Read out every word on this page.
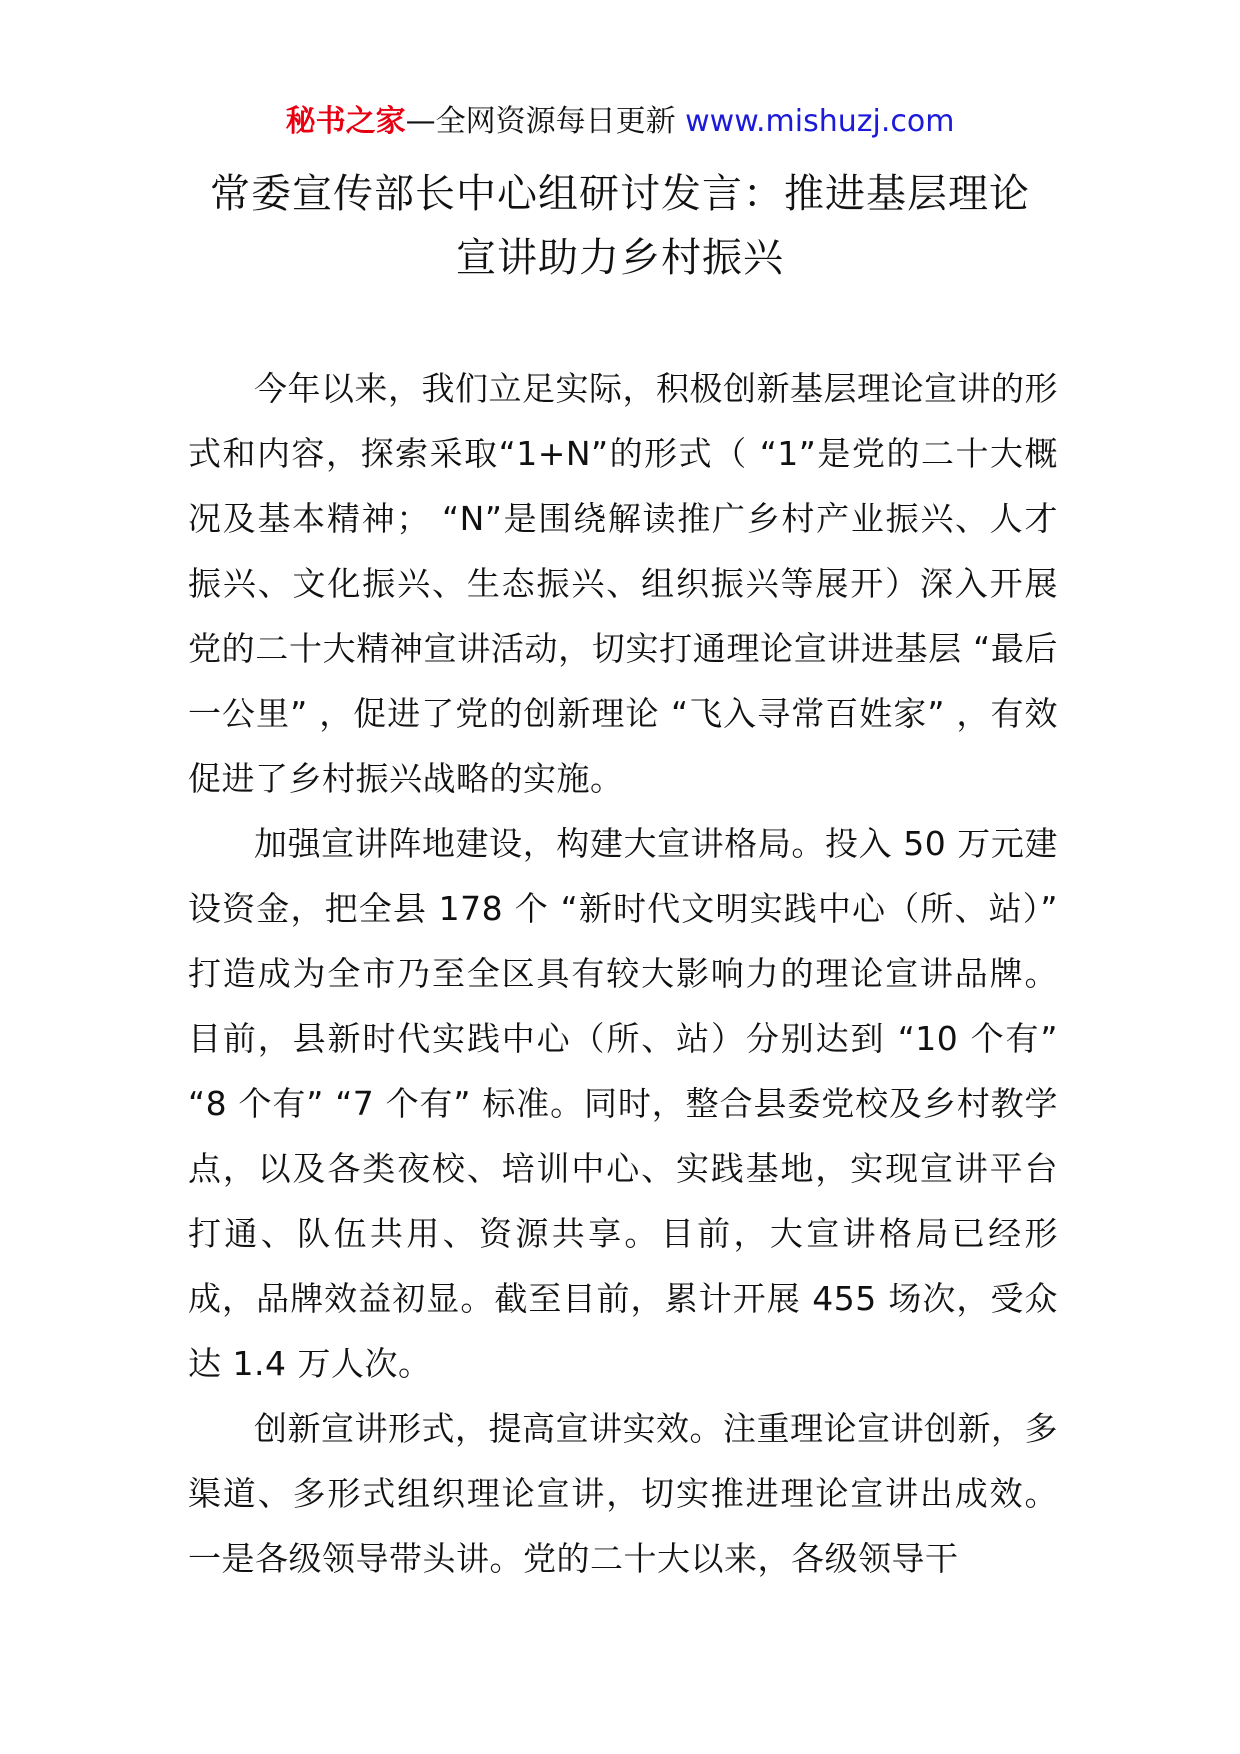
秘书之家—全网资源每日更新 www.mishuzj.com
常委宣传部长中心组研讨发言：推进基层理论
宣讲助力乡村振兴

今年以来，我们立足实际，积极创新基层理论宣讲的形式和内容，探索采取“1+N”的形式（ “1”是党的二十大概况及基本精神； “N”是围绕解读推广乡村产业振兴、人才振兴、文化振兴、生态振兴、组织振兴等展开）深入开展党的二十大精神宣讲活动，切实打通理论宣讲进基层 “最后一公里” ，促进了党的创新理论 “飞入寻常百姓家” ，有效促进了乡村振兴战略的实施。

加强宣讲阵地建设，构建大宣讲格局。投入 50 万元建设资金，把全县 178 个 “新时代文明实践中心（所、站）” 打造成为全市乃至全区具有较大影响力的理论宣讲品牌。目前，县新时代实践中心（所、站）分别达到 “10 个有” “8 个有” “7 个有” 标准。同时，整合县委党校及乡村教学点，以及各类夜校、培训中心、实践基地，实现宣讲平台打通、队伍共用、资源共享。目前，大宣讲格局已经形成，品牌效益初显。截至目前，累计开展 455 场次，受众达 1.4 万人次。

创新宣讲形式，提高宣讲实效。注重理论宣讲创新，多渠道、多形式组织理论宣讲，切实推进理论宣讲出成效。一是各级领导带头讲。党的二十大以来，各级领导干
